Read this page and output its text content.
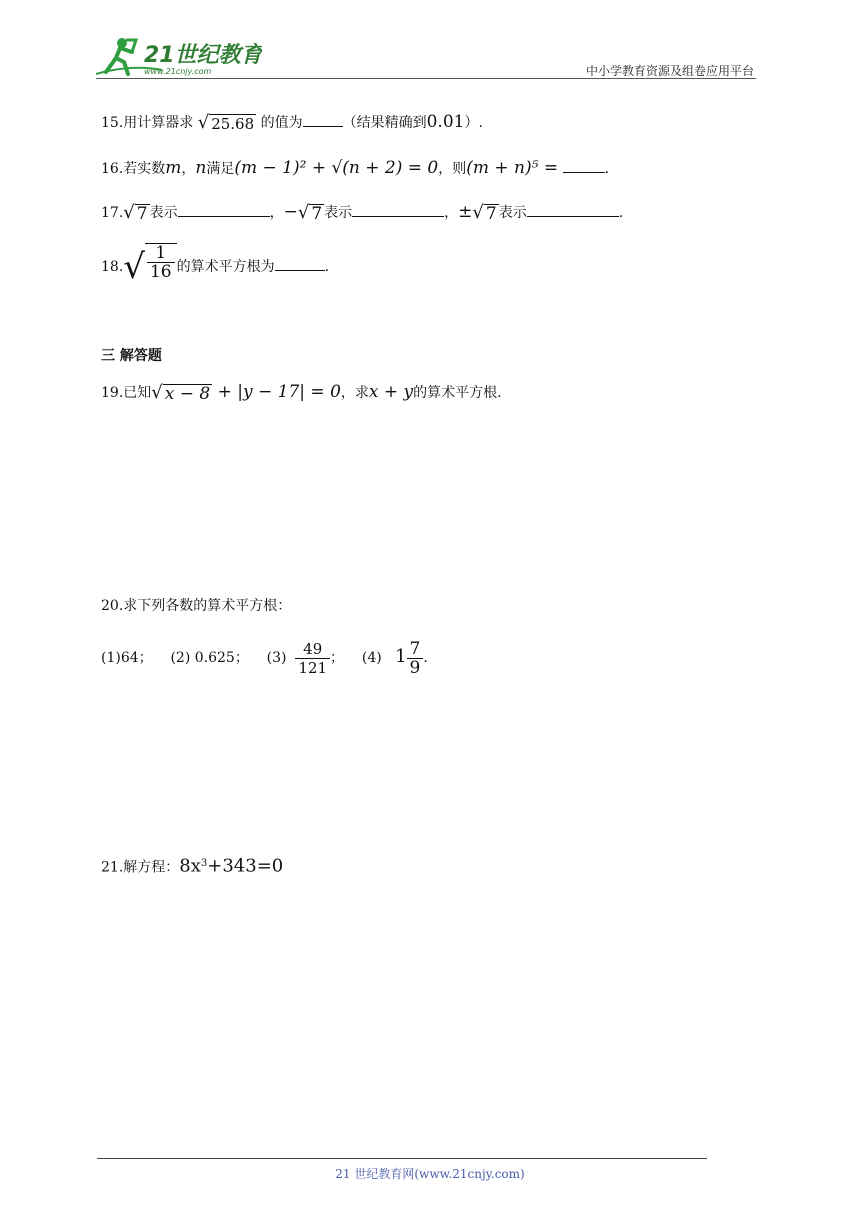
21世纪教育
www.21cnjy.com	中小学教育资源及组卷应用平台
15.用计算器求 √ 25.68 的值为	（结果精确到0.01）.
16.若实数m，n满足(m − 1)² + √(n + 2) = 0，则(m + n)⁵ =	.
17. √ 7 表示	，− √ 7 表示	，± √ 7 表示	.
18. √ $\frac{1}{16}$ 的算术平方根为	.
三 解答题
19.已知 √ x − 8 + |y − 17| = 0，求x + y的算术平方根.
20.求下列各数的算术平方根：
(1)64； (2) 0.625； $(3) \frac{49}{121}$ ； (4) $1 \frac{7}{9}$ .
21.解方程：$8x^3+343=0$
21 世纪教育网(www.21cnjy.com)
